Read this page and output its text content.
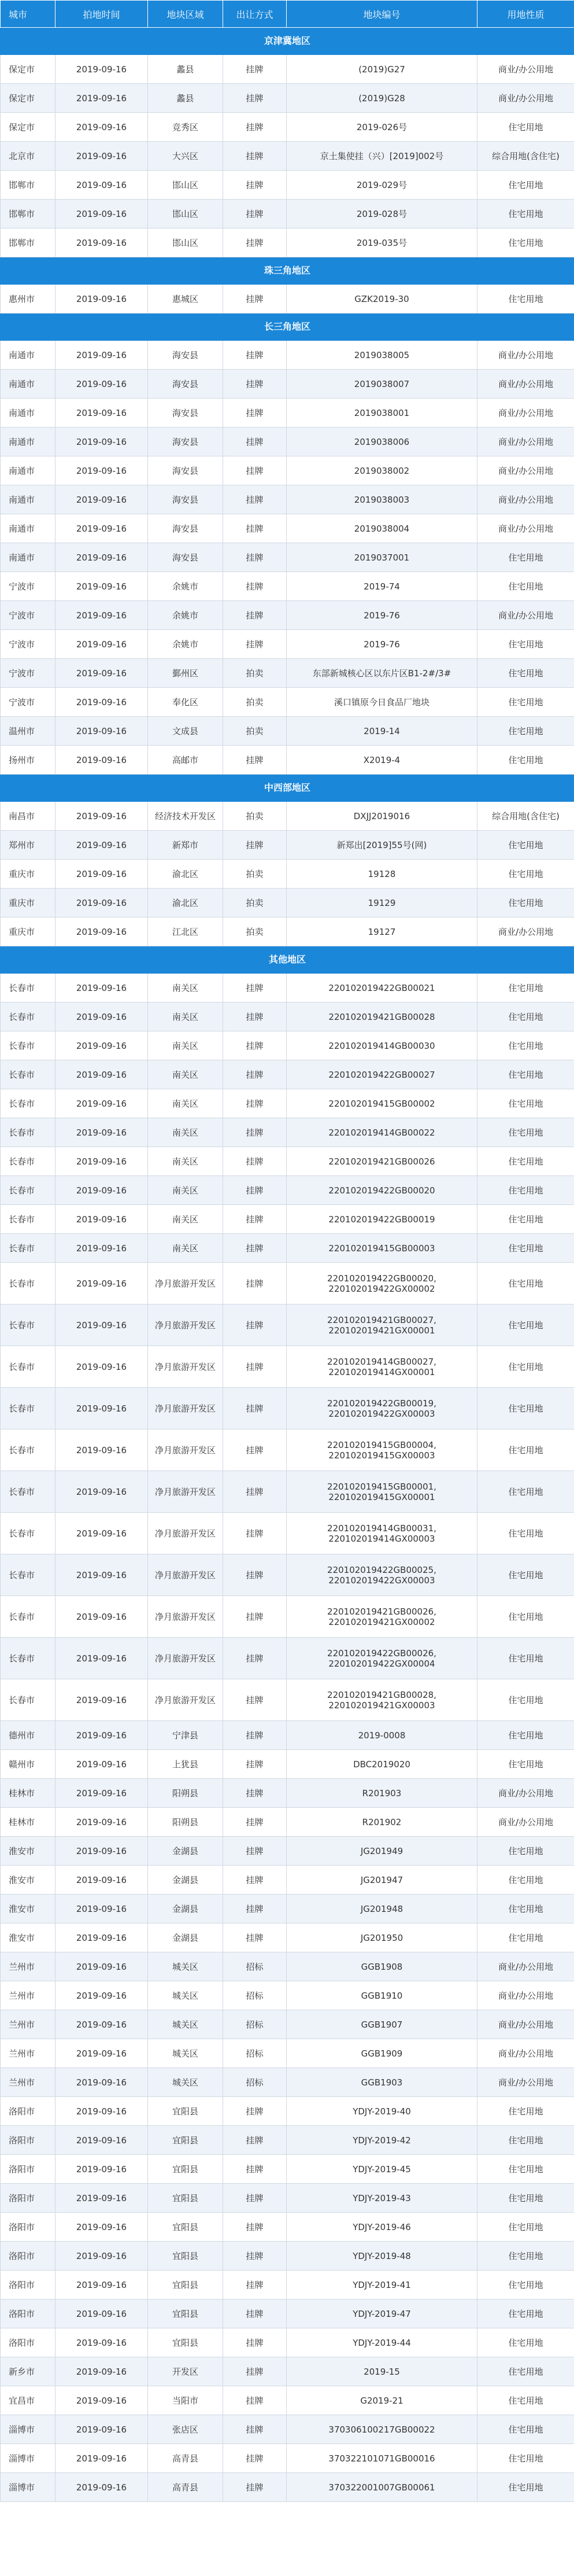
城市	拍地时间	地块区域	出让方式	地块编号	用地性质
京津冀地区					
保定市	2019-09-16	蠡县	挂牌	(2019)G27	商业/办公用地
保定市	2019-09-16	蠡县	挂牌	(2019)G28	商业/办公用地
保定市	2019-09-16	竞秀区	挂牌	2019-026号	住宅用地
北京市	2019-09-16	大兴区	挂牌	京土集使挂（兴）[2019]002号	综合用地(含住宅)
邯郸市	2019-09-16	邯山区	挂牌	2019-029号	住宅用地
邯郸市	2019-09-16	邯山区	挂牌	2019-028号	住宅用地
邯郸市	2019-09-16	邯山区	挂牌	2019-035号	住宅用地
珠三角地区					
惠州市	2019-09-16	惠城区	挂牌	GZK2019-30	住宅用地
长三角地区					
南通市	2019-09-16	海安县	挂牌	2019038005	商业/办公用地
南通市	2019-09-16	海安县	挂牌	2019038007	商业/办公用地
南通市	2019-09-16	海安县	挂牌	2019038001	商业/办公用地
南通市	2019-09-16	海安县	挂牌	2019038006	商业/办公用地
南通市	2019-09-16	海安县	挂牌	2019038002	商业/办公用地
南通市	2019-09-16	海安县	挂牌	2019038003	商业/办公用地
南通市	2019-09-16	海安县	挂牌	2019038004	商业/办公用地
南通市	2019-09-16	海安县	挂牌	2019037001	住宅用地
宁波市	2019-09-16	余姚市	挂牌	2019-74	住宅用地
宁波市	2019-09-16	余姚市	挂牌	2019-76	商业/办公用地
宁波市	2019-09-16	余姚市	挂牌	2019-76	住宅用地
宁波市	2019-09-16	鄞州区	拍卖	东部新城核心区以东片区B1-2#/3#	住宅用地
宁波市	2019-09-16	奉化区	拍卖	溪口镇原今日食品厂地块	住宅用地
温州市	2019-09-16	文成县	拍卖	2019-14	住宅用地
扬州市	2019-09-16	高邮市	挂牌	X2019-4	住宅用地
中西部地区					
南昌市	2019-09-16	经济技术开发区	拍卖	DXJJ2019016	综合用地(含住宅)
郑州市	2019-09-16	新郑市	挂牌	新郑出[2019]55号(网)	住宅用地
重庆市	2019-09-16	渝北区	拍卖	19128	住宅用地
重庆市	2019-09-16	渝北区	拍卖	19129	住宅用地
重庆市	2019-09-16	江北区	拍卖	19127	商业/办公用地
其他地区					
长春市	2019-09-16	南关区	挂牌	220102019422GB00021	住宅用地
长春市	2019-09-16	南关区	挂牌	220102019421GB00028	住宅用地
长春市	2019-09-16	南关区	挂牌	220102019414GB00030	住宅用地
长春市	2019-09-16	南关区	挂牌	220102019422GB00027	住宅用地
长春市	2019-09-16	南关区	挂牌	220102019415GB00002	住宅用地
长春市	2019-09-16	南关区	挂牌	220102019414GB00022	住宅用地
长春市	2019-09-16	南关区	挂牌	220102019421GB00026	住宅用地
长春市	2019-09-16	南关区	挂牌	220102019422GB00020	住宅用地
长春市	2019-09-16	南关区	挂牌	220102019422GB00019	住宅用地
长春市	2019-09-16	南关区	挂牌	220102019415GB00003	住宅用地
长春市	2019-09-16	净月旅游开发区	挂牌	220102019422GB00020, 220102019422GX00002	住宅用地
长春市	2019-09-16	净月旅游开发区	挂牌	220102019421GB00027, 220102019421GX00001	住宅用地
长春市	2019-09-16	净月旅游开发区	挂牌	220102019414GB00027, 220102019414GX00001	住宅用地
长春市	2019-09-16	净月旅游开发区	挂牌	220102019422GB00019, 220102019422GX00003	住宅用地
长春市	2019-09-16	净月旅游开发区	挂牌	220102019415GB00004, 220102019415GX00003	住宅用地
长春市	2019-09-16	净月旅游开发区	挂牌	220102019415GB00001, 220102019415GX00001	住宅用地
长春市	2019-09-16	净月旅游开发区	挂牌	220102019414GB00031, 220102019414GX00003	住宅用地
长春市	2019-09-16	净月旅游开发区	挂牌	220102019422GB00025, 220102019422GX00003	住宅用地
长春市	2019-09-16	净月旅游开发区	挂牌	220102019421GB00026, 220102019421GX00002	住宅用地
长春市	2019-09-16	净月旅游开发区	挂牌	220102019422GB00026, 220102019422GX00004	住宅用地
长春市	2019-09-16	净月旅游开发区	挂牌	220102019421GB00028, 220102019421GX00003	住宅用地
德州市	2019-09-16	宁津县	挂牌	2019-0008	住宅用地
赣州市	2019-09-16	上犹县	挂牌	DBC2019020	住宅用地
桂林市	2019-09-16	阳朔县	挂牌	R201903	商业/办公用地
桂林市	2019-09-16	阳朔县	挂牌	R201902	商业/办公用地
淮安市	2019-09-16	金湖县	挂牌	JG201949	住宅用地
淮安市	2019-09-16	金湖县	挂牌	JG201947	住宅用地
淮安市	2019-09-16	金湖县	挂牌	JG201948	住宅用地
淮安市	2019-09-16	金湖县	挂牌	JG201950	住宅用地
兰州市	2019-09-16	城关区	招标	GGB1908	商业/办公用地
兰州市	2019-09-16	城关区	招标	GGB1910	商业/办公用地
兰州市	2019-09-16	城关区	招标	GGB1907	商业/办公用地
兰州市	2019-09-16	城关区	招标	GGB1909	商业/办公用地
兰州市	2019-09-16	城关区	招标	GGB1903	商业/办公用地
洛阳市	2019-09-16	宜阳县	挂牌	YDJY-2019-40	住宅用地
洛阳市	2019-09-16	宜阳县	挂牌	YDJY-2019-42	住宅用地
洛阳市	2019-09-16	宜阳县	挂牌	YDJY-2019-45	住宅用地
洛阳市	2019-09-16	宜阳县	挂牌	YDJY-2019-43	住宅用地
洛阳市	2019-09-16	宜阳县	挂牌	YDJY-2019-46	住宅用地
洛阳市	2019-09-16	宜阳县	挂牌	YDJY-2019-48	住宅用地
洛阳市	2019-09-16	宜阳县	挂牌	YDJY-2019-41	住宅用地
洛阳市	2019-09-16	宜阳县	挂牌	YDJY-2019-47	住宅用地
洛阳市	2019-09-16	宜阳县	挂牌	YDJY-2019-44	住宅用地
新乡市	2019-09-16	开发区	挂牌	2019-15	住宅用地
宜昌市	2019-09-16	当阳市	挂牌	G2019-21	住宅用地
淄博市	2019-09-16	张店区	挂牌	370306100217GB00022	住宅用地
淄博市	2019-09-16	高青县	挂牌	370322101071GB00016	住宅用地
淄博市	2019-09-16	高青县	挂牌	370322001007GB00061	住宅用地
